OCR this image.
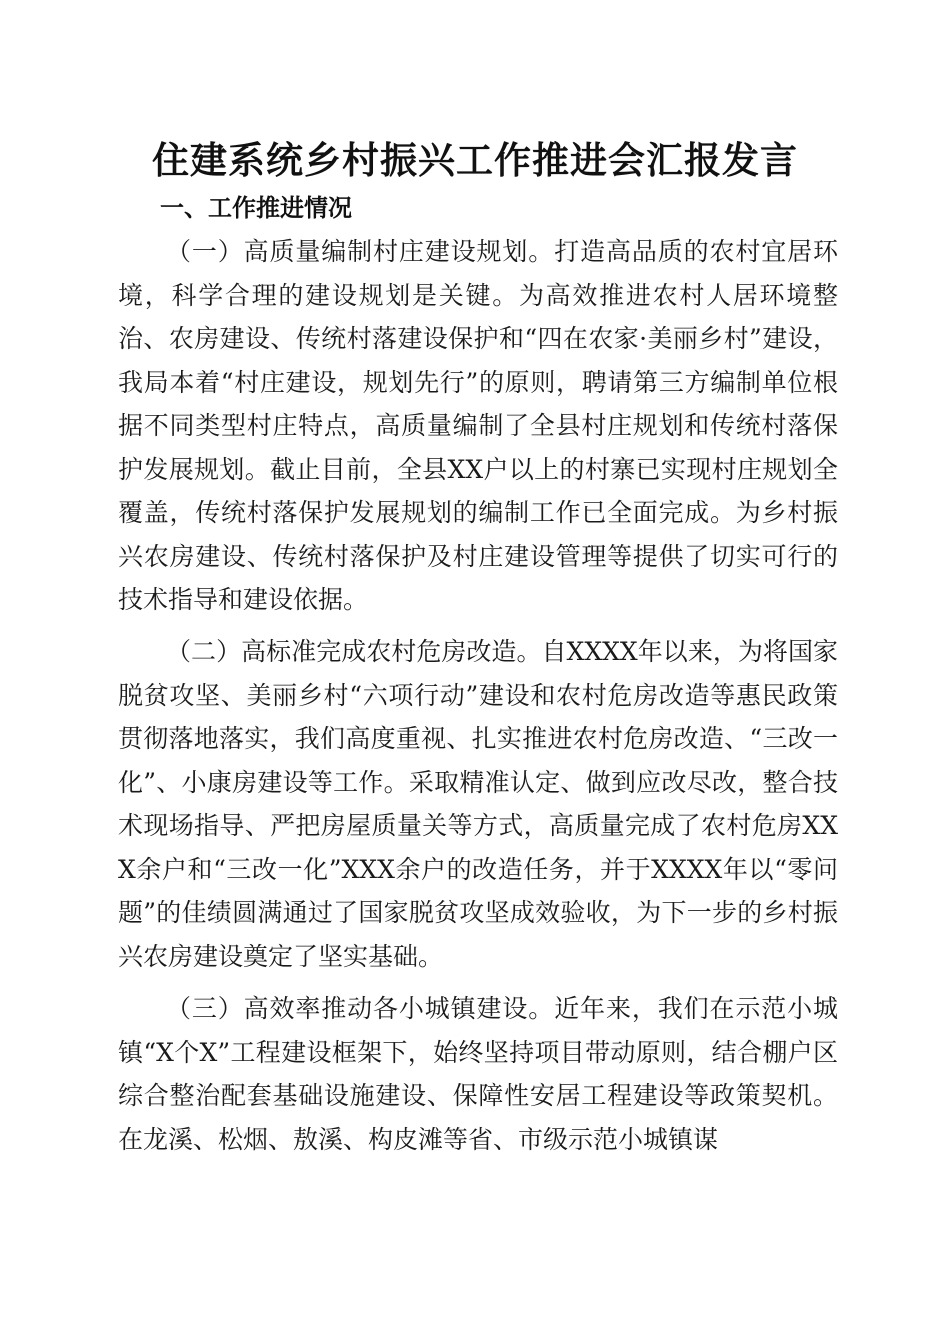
住建系统乡村振兴工作推进会汇报发言
一、工作推进情况

（一）高质量编制村庄建设规划。打造高品质的农村宜居环境，科学合理的建设规划是关键。为高效推进农村人居环境整治、农房建设、传统村落建设保护和“四在农家·美丽乡村”建设，我局本着“村庄建设，规划先行”的原则，聘请第三方编制单位根据不同类型村庄特点，高质量编制了全县村庄规划和传统村落保护发展规划。截止目前，全县XX户以上的村寨已实现村庄规划全覆盖，传统村落保护发展规划的编制工作已全面完成。为乡村振兴农房建设、传统村落保护及村庄建设管理等提供了切实可行的技术指导和建设依据。

（二）高标准完成农村危房改造。自XXXX年以来，为将国家脱贫攻坚、美丽乡村“六项行动”建设和农村危房改造等惠民政策贯彻落地落实，我们高度重视、扎实推进农村危房改造、“三改一化”、小康房建设等工作。采取精准认定、做到应改尽改，整合技术现场指导、严把房屋质量关等方式，高质量完成了农村危房XXX余户和“三改一化”XXX余户的改造任务，并于XXXX年以“零问题”的佳绩圆满通过了国家脱贫攻坚成效验收，为下一步的乡村振兴农房建设奠定了坚实基础。

（三）高效率推动各小城镇建设。近年来，我们在示范小城镇“X个X”工程建设框架下，始终坚持项目带动原则，结合棚户区综合整治配套基础设施建设、保障性安居工程建设等政策契机。在龙溪、松烟、敖溪、构皮滩等省、市级示范小城镇谋
